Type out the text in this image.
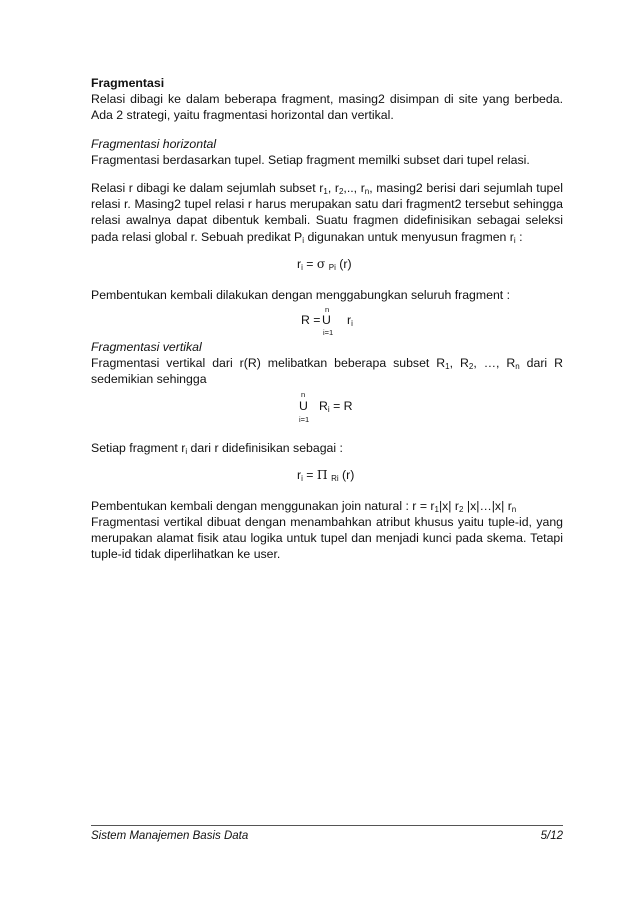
Fragmentasi

Relasi dibagi ke dalam beberapa fragment, masing2 disimpan di site yang berbeda. Ada 2 strategi, yaitu fragmentasi horizontal dan vertikal.

Fragmentasi horizontal

Fragmentasi berdasarkan tupel. Setiap fragment memilki subset dari tupel relasi.

Relasi r dibagi ke dalam sejumlah subset $r_1$, $r_2$,.., $r_n$, masing2 berisi dari sejumlah tupel relasi r. Masing2 tupel relasi r harus merupakan satu dari fragment2 tersebut sehingga relasi awalnya dapat dibentuk kembali. Suatu fragmen didefinisikan sebagai seleksi pada relasi global r. Sebuah predikat $P_i$ digunakan untuk menyusun fragmen $r_i$ :

$r_i = \sigma$ $_{Pi}$ (r)

Pembentukan kembali dilakukan dengan menggabungkan seluruh fragment :

n
R = U $r_i$
i=1

Fragmentasi vertikal

Fragmentasi vertikal dari r(R) melibatkan beberapa subset $R_1$, $R_2$, …, $R_n$ dari R sedemikian sehingga

n
U $R_i = R$
i=1

Setiap fragment $r_i$ dari r didefinisikan sebagai :

$r_i = \Pi$ $_{Ri}$ (r)

Pembentukan kembali dengan menggunakan join natural : $r = r_1|x|$ $r_2$ |x|…|x| $r_n$

Fragmentasi vertikal dibuat dengan menambahkan atribut khusus yaitu tuple-id, yang merupakan alamat fisik atau logika untuk tupel dan menjadi kunci pada skema. Tetapi tuple-id tidak diperlihatkan ke user.

Sistem Manajemen Basis Data	5/12
